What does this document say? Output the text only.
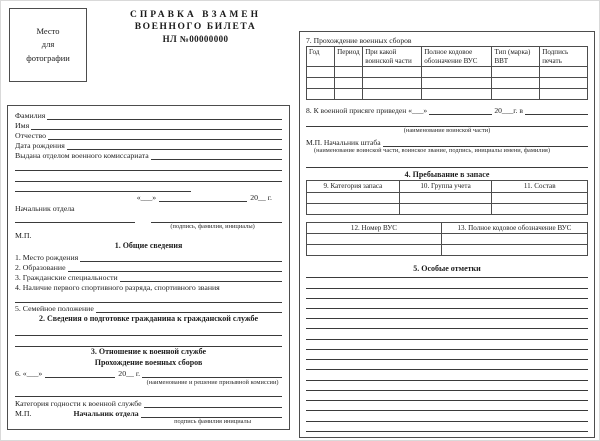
Место
для
фотографии
СПРАВКА ВЗАМЕН
ВОЕННОГО БИЛЕТА
НЛ №00000000
Фамилия
Имя
Отчество
Дата рождения
Выдана отделом военного комиссариата
«___»	20__ г.
Начальник отдела
(подпись, фамилия, инициалы)
М.П.
1. Общие сведения
1. Место рождения
2. Образование
3. Гражданские специальности
4. Наличие первого спортивного разряда, спортивного звания
5. Семейное положение
2. Сведения о подготовке гражданина к гражданской службе
3. Отношение к военной службе
Прохождение военных сборов
6. «___»	20__ г.
(наименование и решение призывной комиссии)
Категория годности к военной службе
М.П.	Начальник отдела
подпись фамилия инициалы
7. Прохождение военных сборов
Год	Период	При какой воинской части	Полное кодовое обозначение ВУС	Тип (марка) ВВТ	Подпись печать

8. К военной присяге приведен «___»	20___г. в
(наименование воинской части)
М.П. Начальник штаба
(наименование воинской части, воинское звание, подпись, инициалы имени, фамилия)
4. Пребывание в запасе
9. Категория запаса	10. Группа учета	11. Состав

12. Номер ВУС	13. Полное кодовое обозначение ВУС

5. Особые отметки
